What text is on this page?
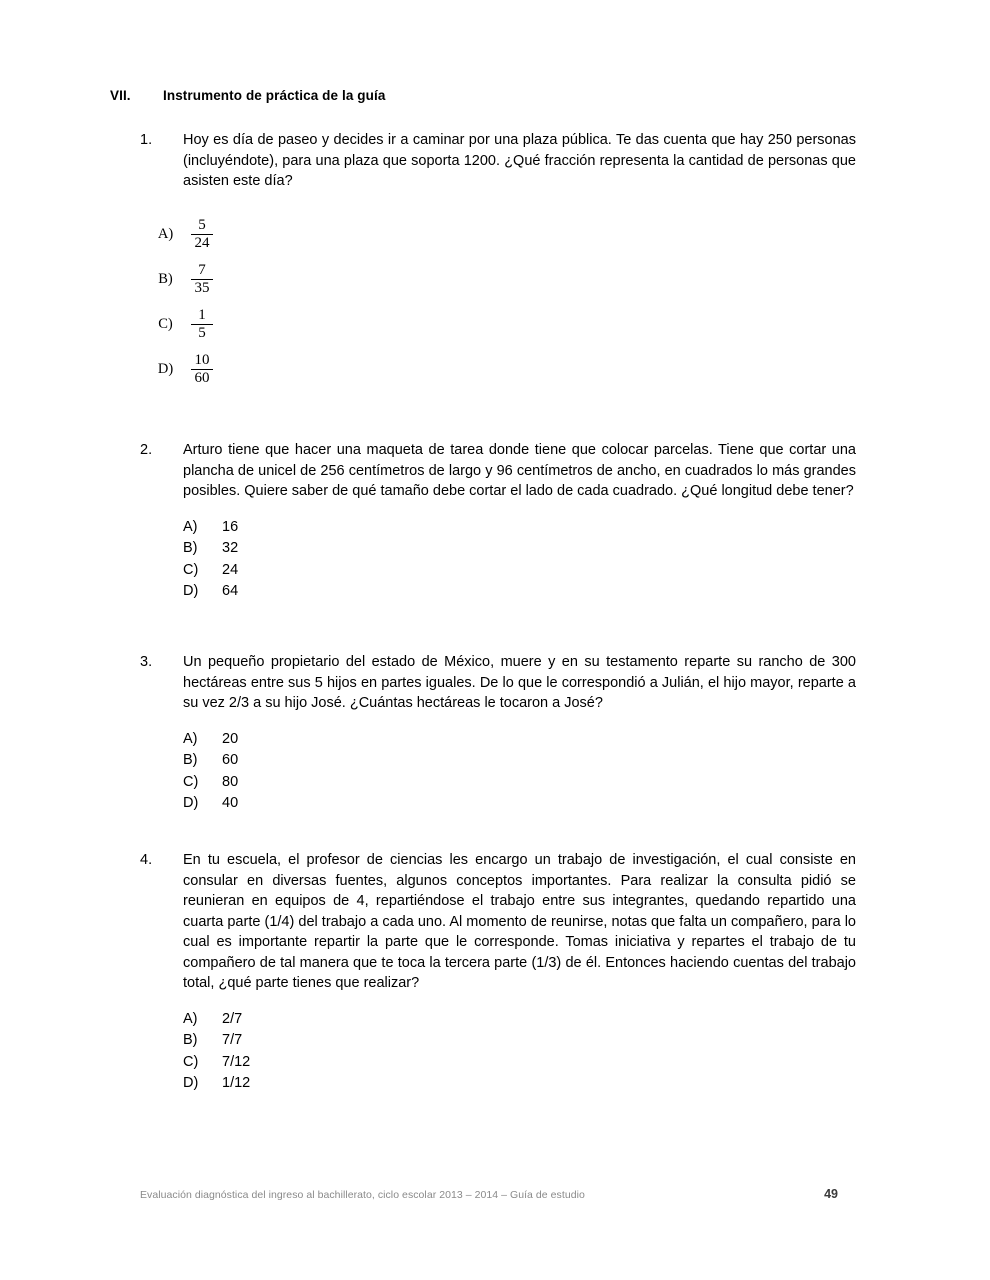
VII. Instrumento de práctica de la guía
1.	Hoy es día de paseo y decides ir a caminar por una plaza pública. Te das cuenta que hay 250 personas (incluyéndote), para una plaza que soporta 1200. ¿Qué fracción representa la cantidad de personas que asisten este día?
A)	$\frac{5}{24}$
B)	$\frac{7}{35}$
C)	$\frac{1}{5}$
D)	$\frac{10}{60}$
2.	Arturo tiene que hacer una maqueta de tarea donde tiene que colocar parcelas. Tiene que cortar una plancha de unicel de 256 centímetros de largo y 96 centímetros de ancho, en cuadrados lo más grandes posibles. Quiere saber de qué tamaño debe cortar el lado de cada cuadrado. ¿Qué longitud debe tener?
A)	16
B)	32
C)	24
D)	64
3.	Un pequeño propietario del estado de México, muere y en su testamento reparte su rancho de 300 hectáreas entre sus 5 hijos en partes iguales. De lo que le correspondió a Julián, el hijo mayor, reparte a su vez 2/3 a su hijo José. ¿Cuántas hectáreas le tocaron a José?
A)	20
B)	60
C)	80
D)	40
4.	En tu escuela, el profesor de ciencias les encargo un trabajo de investigación, el cual consiste en consular en diversas fuentes, algunos conceptos importantes. Para realizar la consulta pidió se reunieran en equipos de 4, repartiéndose el trabajo entre sus integrantes, quedando repartido una cuarta parte (1/4) del trabajo a cada uno. Al momento de reunirse, notas que falta un compañero, para lo cual es importante repartir la parte que le corresponde. Tomas iniciativa y repartes el trabajo de tu compañero de tal manera que te toca la tercera parte (1/3) de él. Entonces haciendo cuentas del trabajo total, ¿qué parte tienes que realizar?
A)	2/7
B)	7/7
C)	7/12
D)	1/12
Evaluación diagnóstica del ingreso al bachillerato, ciclo escolar 2013 – 2014 – Guía de estudio	49
